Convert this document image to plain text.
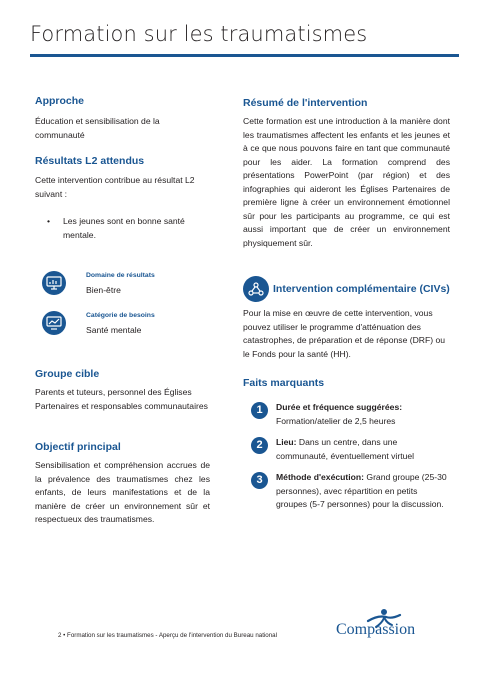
Formation sur les traumatismes
Approche

Éducation et sensibilisation de la communauté

Résultats L2 attendus

Cette intervention contribue au résultat L2 suivant :

•	Les jeunes sont en bonne santé mentale.
Domaine de résultats
Bien-être
Catégorie de besoins
Santé mentale
Groupe cible

Parents et tuteurs, personnel des Églises Partenaires et responsables communautaires

Objectif principal

Sensibilisation et compréhension accrues de la prévalence des traumatismes chez les enfants, de leurs manifestations et de la manière de créer un environnement sûr et respectueux des traumatismes.

Résumé de l'intervention

Cette formation est une introduction à la manière dont les traumatismes affectent les enfants et les jeunes et à ce que nous pouvons faire en tant que communauté pour les aider. La formation comprend des présentations PowerPoint (par région) et des infographies qui aideront les Églises Partenaires de première ligne à créer un environnement émotionnel sûr pour les participants au programme, ce qui est aussi important que de créer un environnement physiquement sûr.

Intervention complémentaire (CIVs)

Pour la mise en œuvre de cette intervention, vous pouvez utiliser le programme d'atténuation des catastrophes, de préparation et de réponse (DRF) ou le Fonds pour la santé (HH).

Faits marquants
1	Durée et fréquence suggérées:
Formation/atelier de 2,5 heures
2	Lieu: Dans un centre, dans une communauté, éventuellement virtuel
3	Méthode d'exécution: Grand groupe (25-30 personnes), avec répartition en petits groupes (5-7 personnes) pour la discussion.
2 • Formation sur les traumatismes - Aperçu de l'intervention du Bureau national	Compassion
